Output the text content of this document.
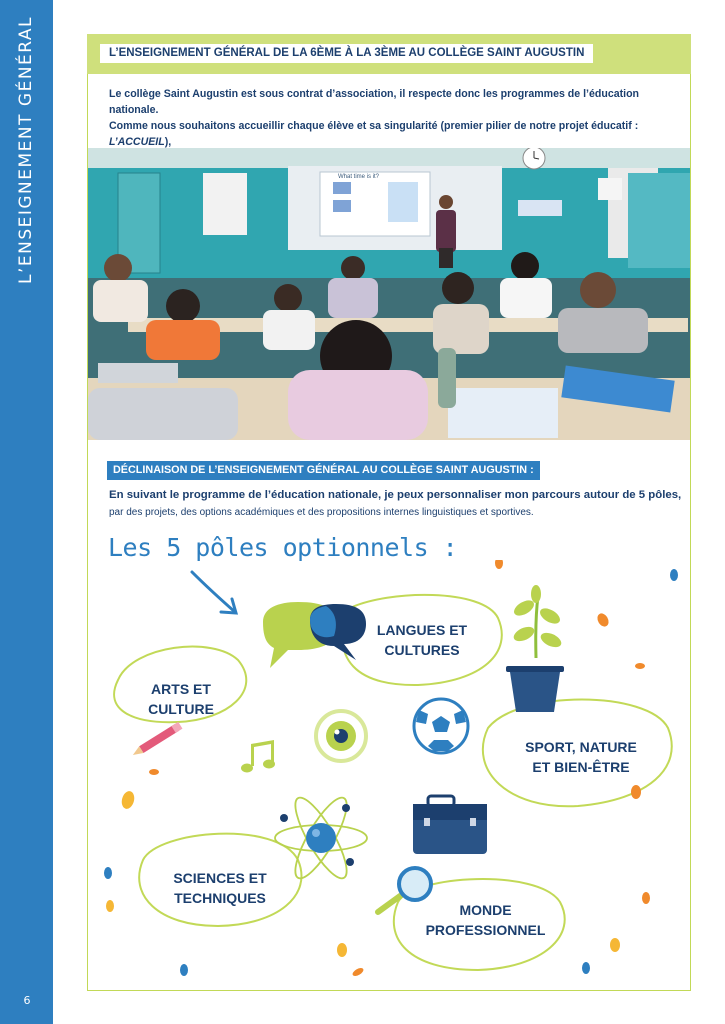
L’ENSEIGNEMENT GÉNÉRAL
6
L’ENSEIGNEMENT GÉNÉRAL DE LA 6ÈME À LA 3ÈME AU COLLÈGE SAINT AUGUSTIN
Le collège Saint Augustin est sous contrat d’association, il respecte donc les programmes de l’éducation nationale.
Comme nous souhaitons accueillir chaque élève et sa singularité (premier pilier de notre projet éducatif : L’ACCUEIL),
What time is it?
DÉCLINAISON DE L’ENSEIGNEMENT GÉNÉRAL AU COLLÈGE SAINT AUGUSTIN :
En suivant le programme de l’éducation nationale, je peux personnaliser mon parcours autour de 5 pôles,
par des projets, des options académiques et des propositions internes linguistiques et sportives.
Les 5 pôles optionnels :
LANGUES ET
CULTURES
ARTS ET
CULTURE
SPORT, NATURE
ET BIEN-ÊTRE
SCIENCES ET
TECHNIQUES
MONDE
PROFESSIONNEL
